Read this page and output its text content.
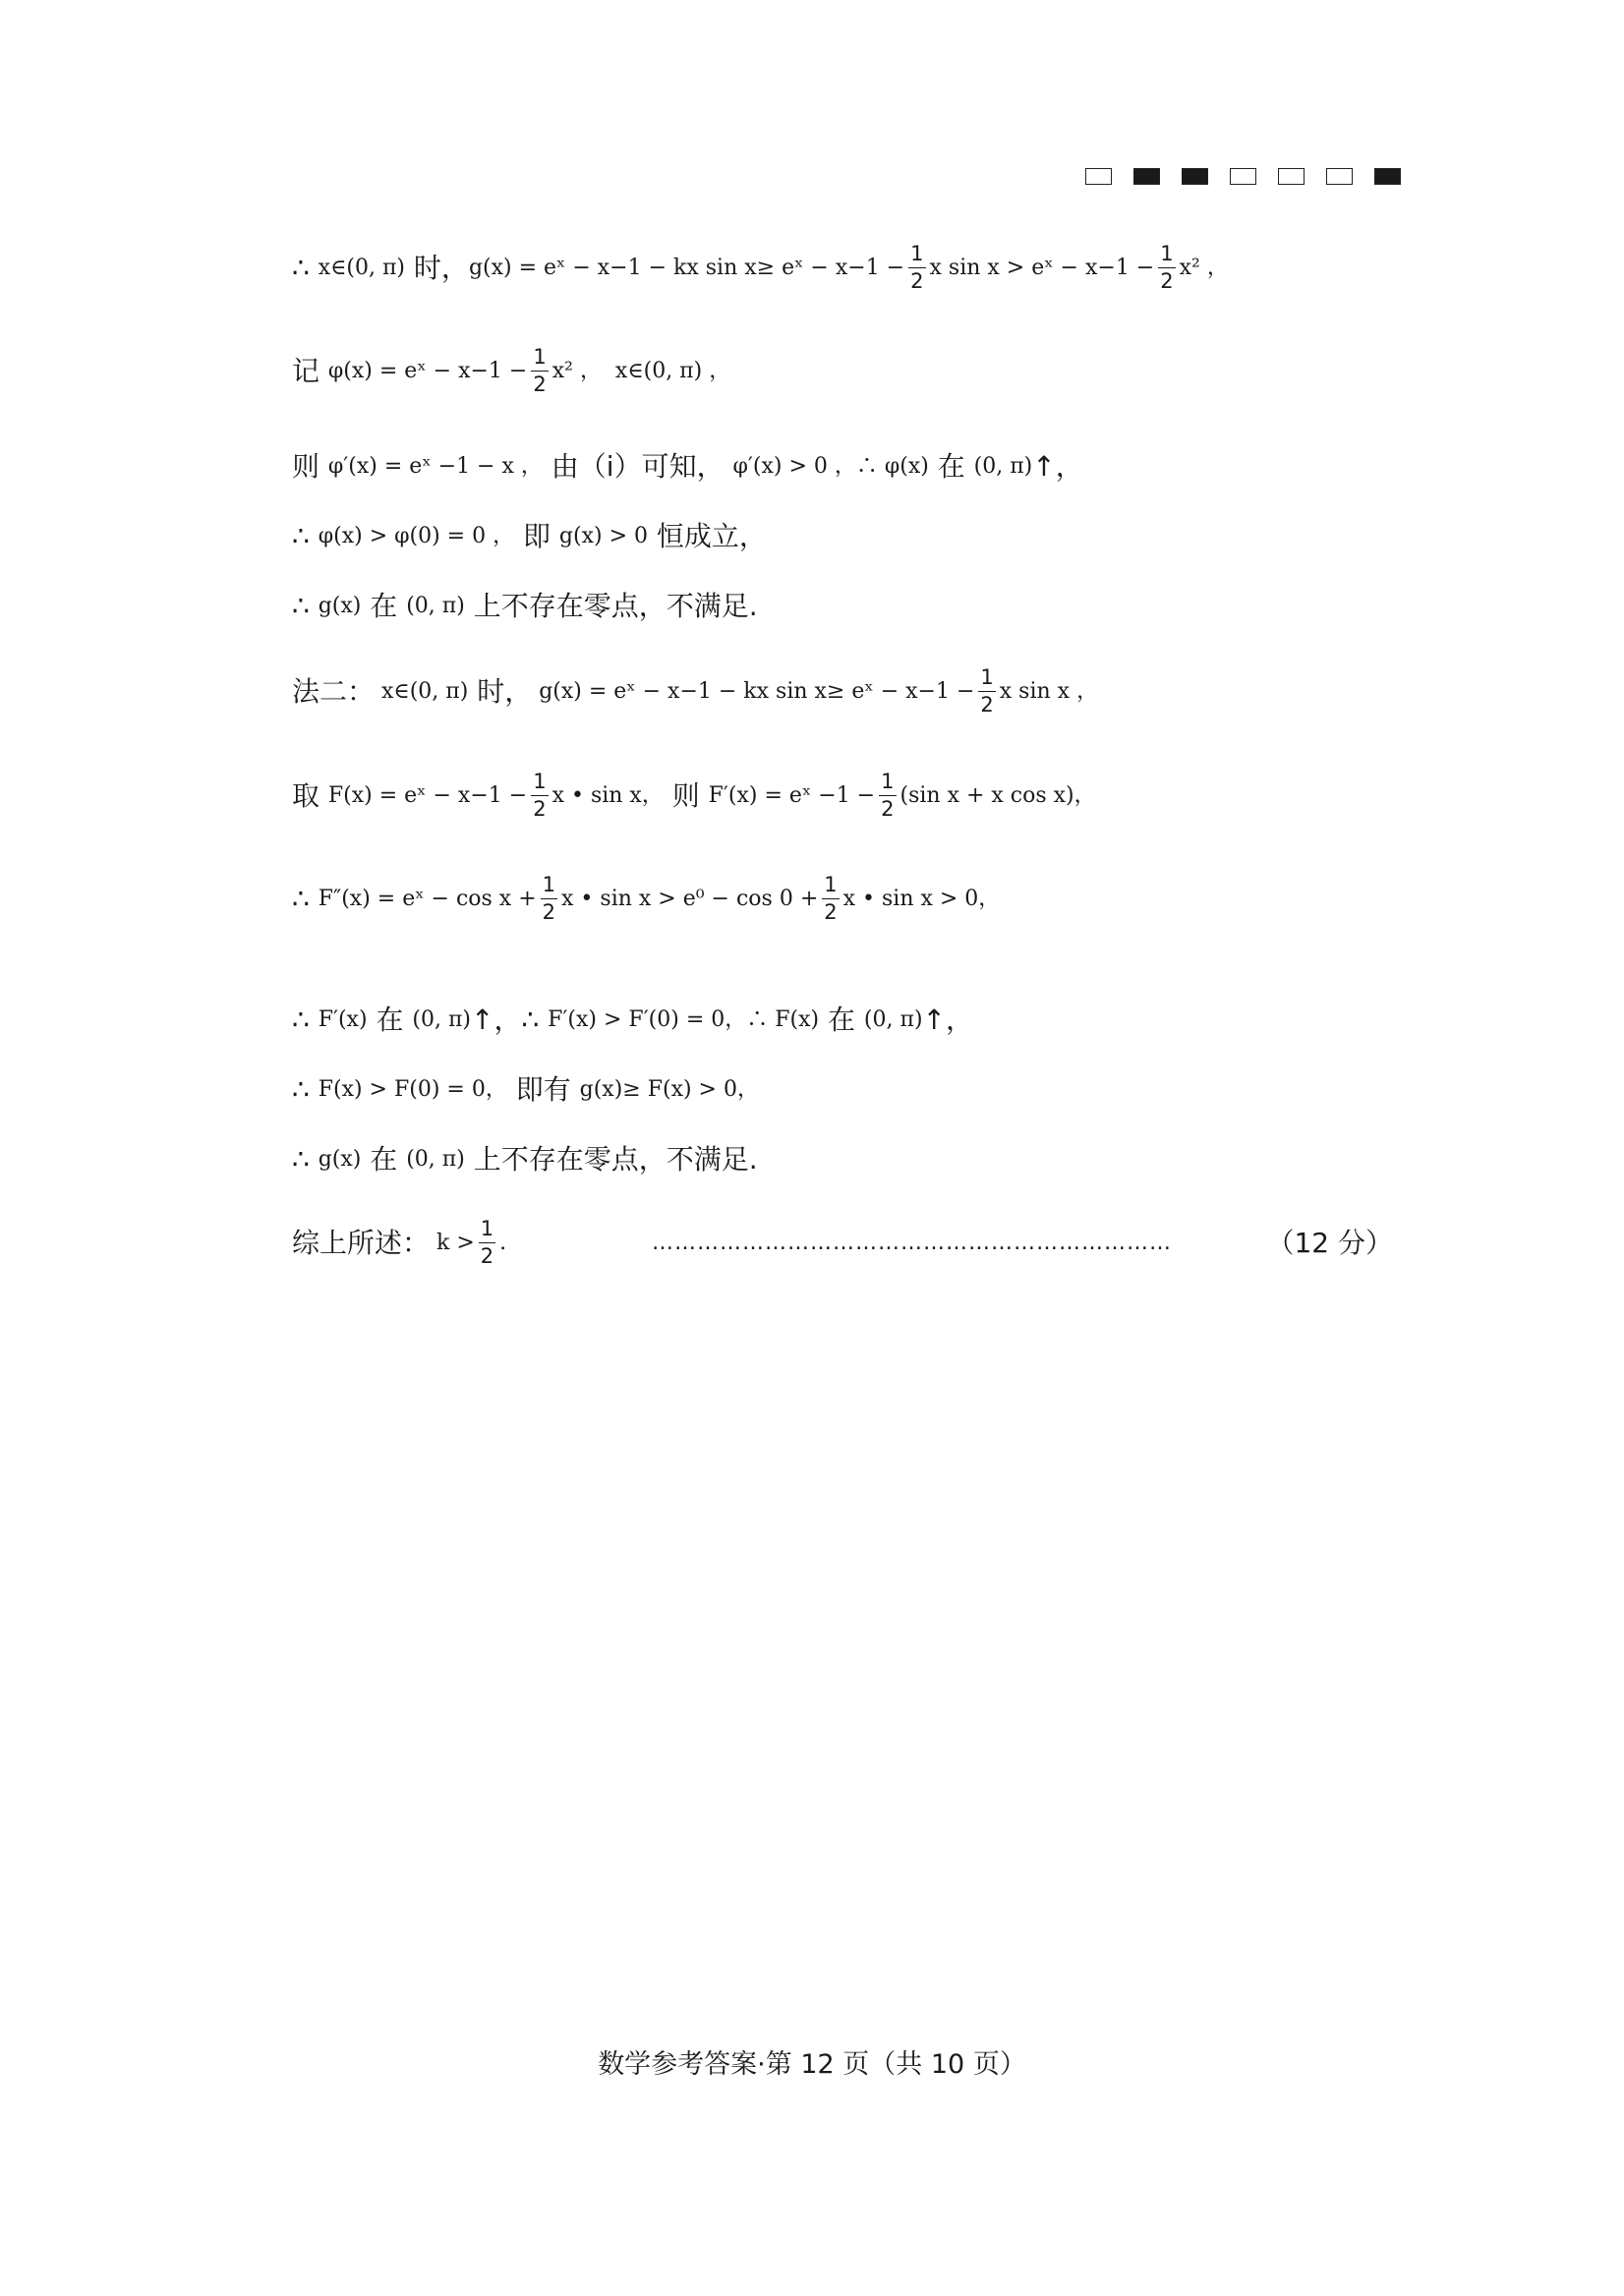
∴ x∈(0, π) 时， g(x) = eˣ − x−1 − kx sin x≥ eˣ − $x-1 - \frac{1}{2}$ x sin x > eˣ − $x-1 - \frac{1}{2} x^2$ ，
记 φ(x) = eˣ − $x-1 - \frac{1}{2} x^2$ ，  x∈(0, π) ，
则 φ′(x) = eˣ −1 − x ， 由（i）可知， φ′(x) > 0 ，∴ φ(x) 在 (0, π) ↑，
∴ φ(x) > φ(0) = 0 ， 即 g(x) > 0 恒成立，
∴ g(x) 在 (0, π) 上不存在零点，不满足.
法二： x∈(0, π) 时， g(x) = eˣ − x−1 − kx sin x≥ eˣ − $x-1 - \frac{1}{2}$ x sin x ，
取 F(x) = eˣ − $x-1 - \frac{1}{2}$ x • sin x， 则 F′(x) = eˣ $-1 - \frac{1}{2} (\sin$ x + x cos x)，
∴ F″(x) = eˣ − $\cos x + \frac{1}{2}$ x • $\sin x > e^0 - \cos 0 + \frac{1}{2}$ x • sin x > 0，
∴ F′(x) 在 (0, π) ↑，∴ F′(x) > F′(0) = 0，∴ F(x) 在 (0, π) ↑，
∴ F(x) > F(0) = 0， 即有 g(x)≥ F(x) > 0，
∴ g(x) 在 (0, π) 上不存在零点，不满足.
综上所述： $k > \frac{1}{2}$ .	……………………………………………………………	（12 分）
数学参考答案·第 12 页（共 10 页）
